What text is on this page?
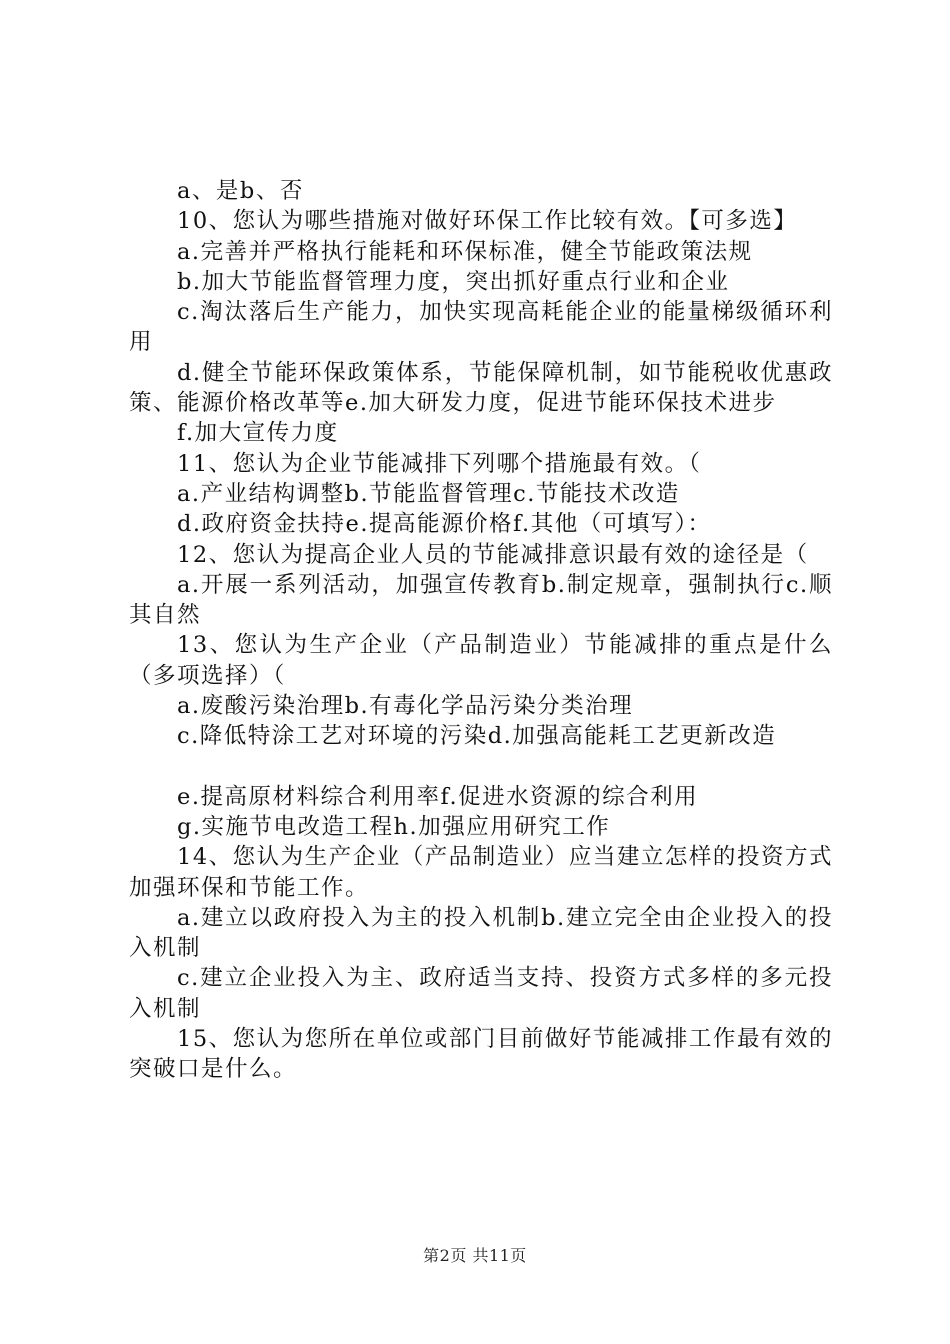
a、是b、否

10、您认为哪些措施对做好环保工作比较有效。【可多选】

a.完善并严格执行能耗和环保标准，健全节能政策法规

b.加大节能监督管理力度，突出抓好重点行业和企业

c.淘汰落后生产能力，加快实现高耗能企业的能量梯级循环利用

d.健全节能环保政策体系，节能保障机制，如节能税收优惠政策、能源价格改革等e.加大研发力度，促进节能环保技术进步

f.加大宣传力度

11、您认为企业节能减排下列哪个措施最有效。（

a.产业结构调整b.节能监督管理c.节能技术改造

d.政府资金扶持e.提高能源价格f.其他（可填写）：

12、您认为提高企业人员的节能减排意识最有效的途径是（

a.开展一系列活动，加强宣传教育b.制定规章，强制执行c.顺其自然

13、您认为生产企业（产品制造业）节能减排的重点是什么（多项选择）（

a.废酸污染治理b.有毒化学品污染分类治理

c.降低特涂工艺对环境的污染d.加强高能耗工艺更新改造

e.提高原材料综合利用率f.促进水资源的综合利用

g.实施节电改造工程h.加强应用研究工作

14、您认为生产企业（产品制造业）应当建立怎样的投资方式加强环保和节能工作。

a.建立以政府投入为主的投入机制b.建立完全由企业投入的投入机制

c.建立企业投入为主、政府适当支持、投资方式多样的多元投入机制

15、您认为您所在单位或部门目前做好节能减排工作最有效的突破口是什么。

第2页 共11页
